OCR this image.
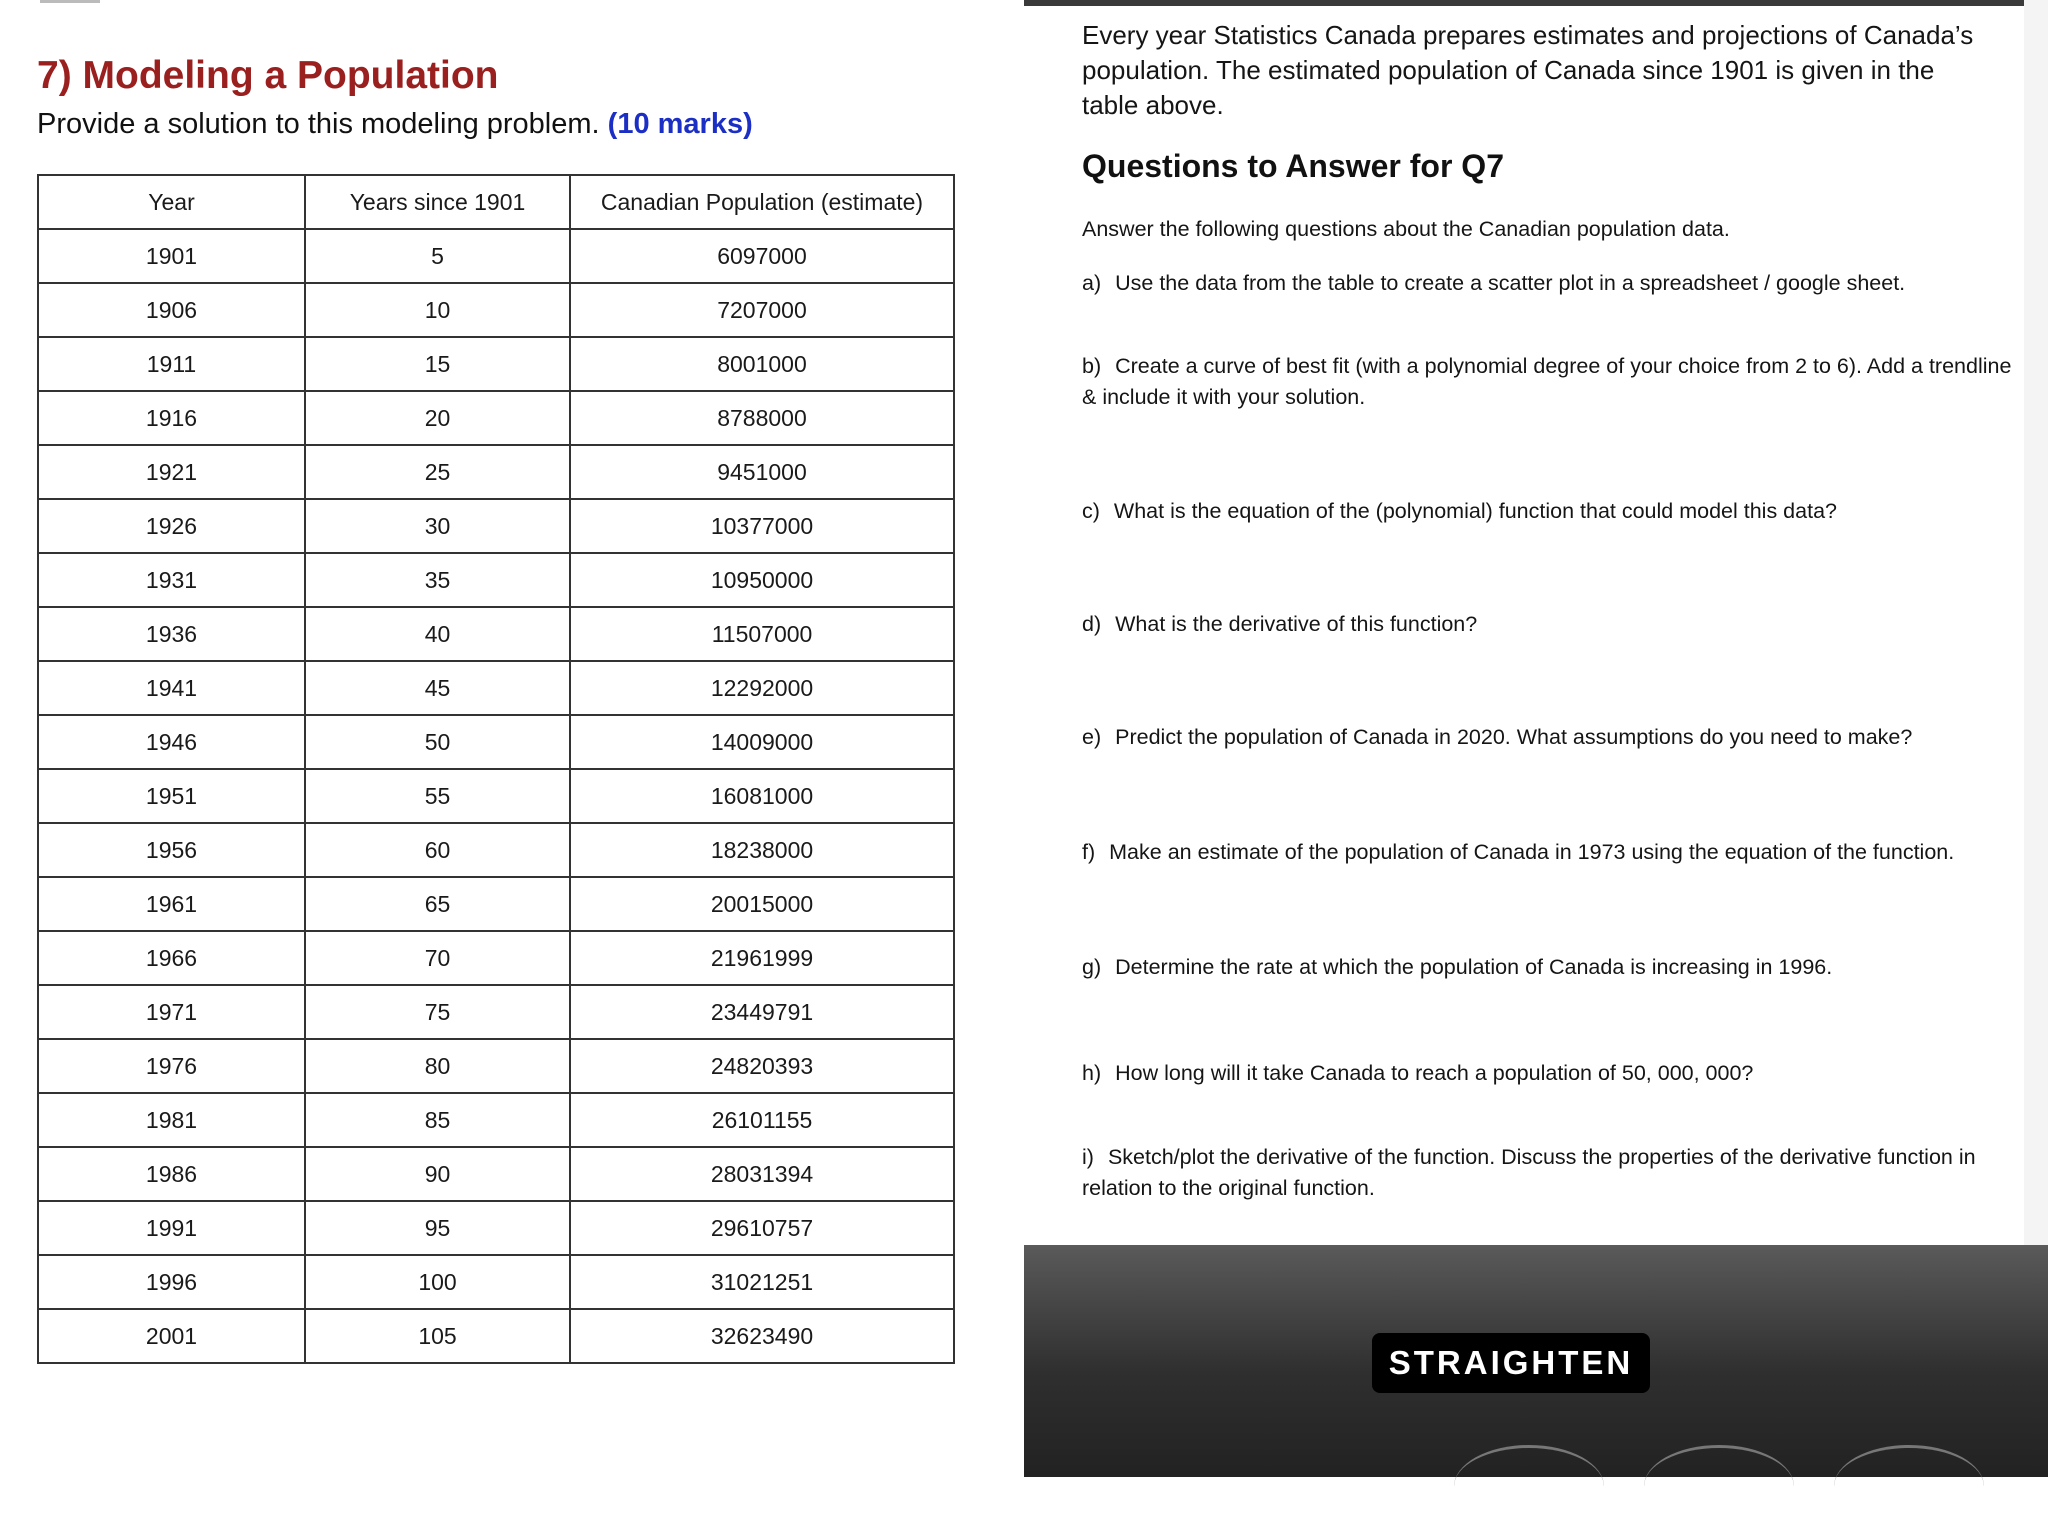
7) Modeling a Population
Provide a solution to this modeling problem. (10 marks)
Year	Years since 1901	Canadian Population (estimate)
1901	5	6097000
1906	10	7207000
1911	15	8001000
1916	20	8788000
1921	25	9451000
1926	30	10377000
1931	35	10950000
1936	40	11507000
1941	45	12292000
1946	50	14009000
1951	55	16081000
1956	60	18238000
1961	65	20015000
1966	70	21961999
1971	75	23449791
1976	80	24820393
1981	85	26101155
1986	90	28031394
1991	95	29610757
1996	100	31021251
2001	105	32623490

Every year Statistics Canada prepares estimates and projections of Canada’s population. The estimated population of Canada since 1901 is given in the table above.

Questions to Answer for Q7

Answer the following questions about the Canadian population data.

a) Use the data from the table to create a scatter plot in a spreadsheet / google sheet.

b) Create a curve of best fit (with a polynomial degree of your choice from 2 to 6). Add a trendline & include it with your solution.

c) What is the equation of the (polynomial) function that could model this data?

d) What is the derivative of this function?

e) Predict the population of Canada in 2020. What assumptions do you need to make?

f) Make an estimate of the population of Canada in 1973 using the equation of the function.

g) Determine the rate at which the population of Canada is increasing in 1996.

h) How long will it take Canada to reach a population of 50, 000, 000?

i) Sketch/plot the derivative of the function. Discuss the properties of the derivative function in relation to the original function.

STRAIGHTEN
